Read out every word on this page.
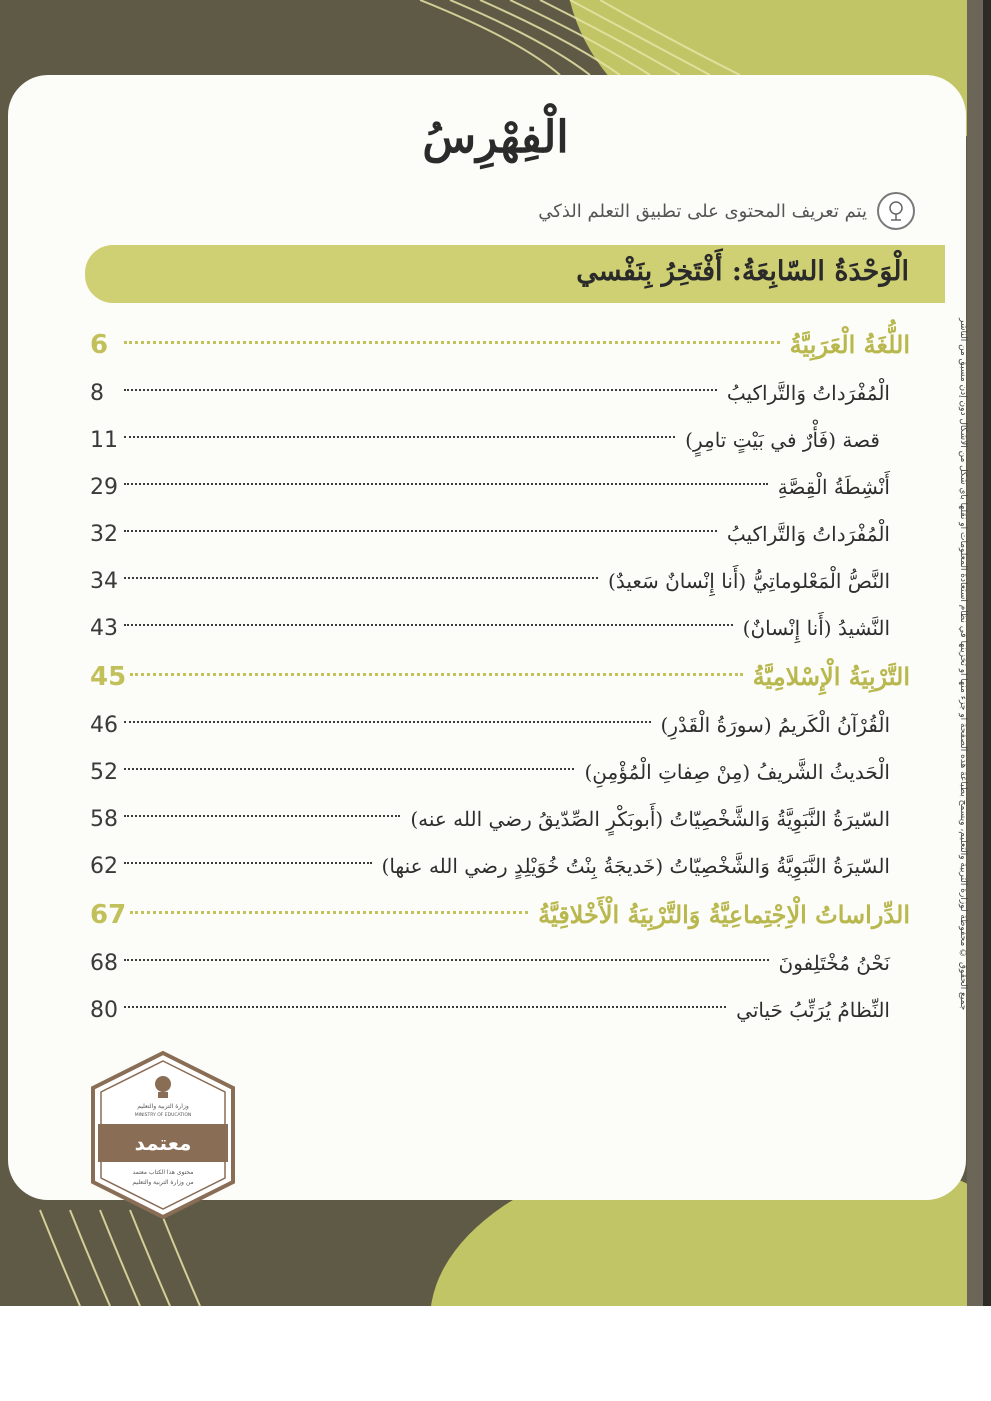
الْفِهْرِسُ
يتم تعريف المحتوى على تطبيق التعلم الذكي
الْوَحْدَةُ السّابِعَةُ: أَفْتَخِرُ بِنَفْسي
اللُّغَةُ الْعَرَبِيَّةُ
6
الْمُفْرَداتُ وَالتَّراكيبُ
8
قصة (فَأْرٌ في بَيْتٍ تامِرٍ)
11
أَنْشِطَةُ الْقِصَّةِ
29
الْمُفْرَداتُ وَالتَّراكيبُ
32
النَّصُّ الْمَعْلوماتِيُّ (أَنا إِنْسانٌ سَعيدٌ)
34
النَّشيدُ (أَنا إِنْسانٌ)
43
التَّرْبِيَةُ الْإِسْلامِيَّةُ
45
الْقُرْآنُ الْكَريمُ (سورَةُ الْقَدْرِ)
46
الْحَديثُ الشَّريفُ (مِنْ صِفاتِ الْمُؤْمِنِ)
52
السّيرَةُ النَّبَوِيَّةُ وَالشَّخْصِيّاتُ (أَبوبَكْرٍ الصِّدّيقُ رضي الله عنه)
58
السّيرَةُ النَّبَوِيَّةُ وَالشَّخْصِيّاتُ (خَديجَةُ بِنْتُ خُوَيْلِدٍ رضي الله عنها)
62
الدِّراساتُ الْاِجْتِماعِيَّةُ وَالتَّرْبِيَةُ الْأَخْلاقِيَّةُ
67
نَحْنُ مُخْتَلِفونَ
68
النِّظامُ يُرَتِّبُ حَياتي
80
جميع الحقوق © محفوظة لوزارة التربية والتعليم، ويسمح بطباعة هذه الصفحة أو جزء منها أو تخزينها في نظام استعادة المعلومات أو نقلها بأي شكل من الأشكال دون إذن مسبق من الناشر
وزارة التربية والتعليم
MINISTRY OF EDUCATION
معتمد
محتوى هذا الكتاب معتمد
من وزارة التربية والتعليم
